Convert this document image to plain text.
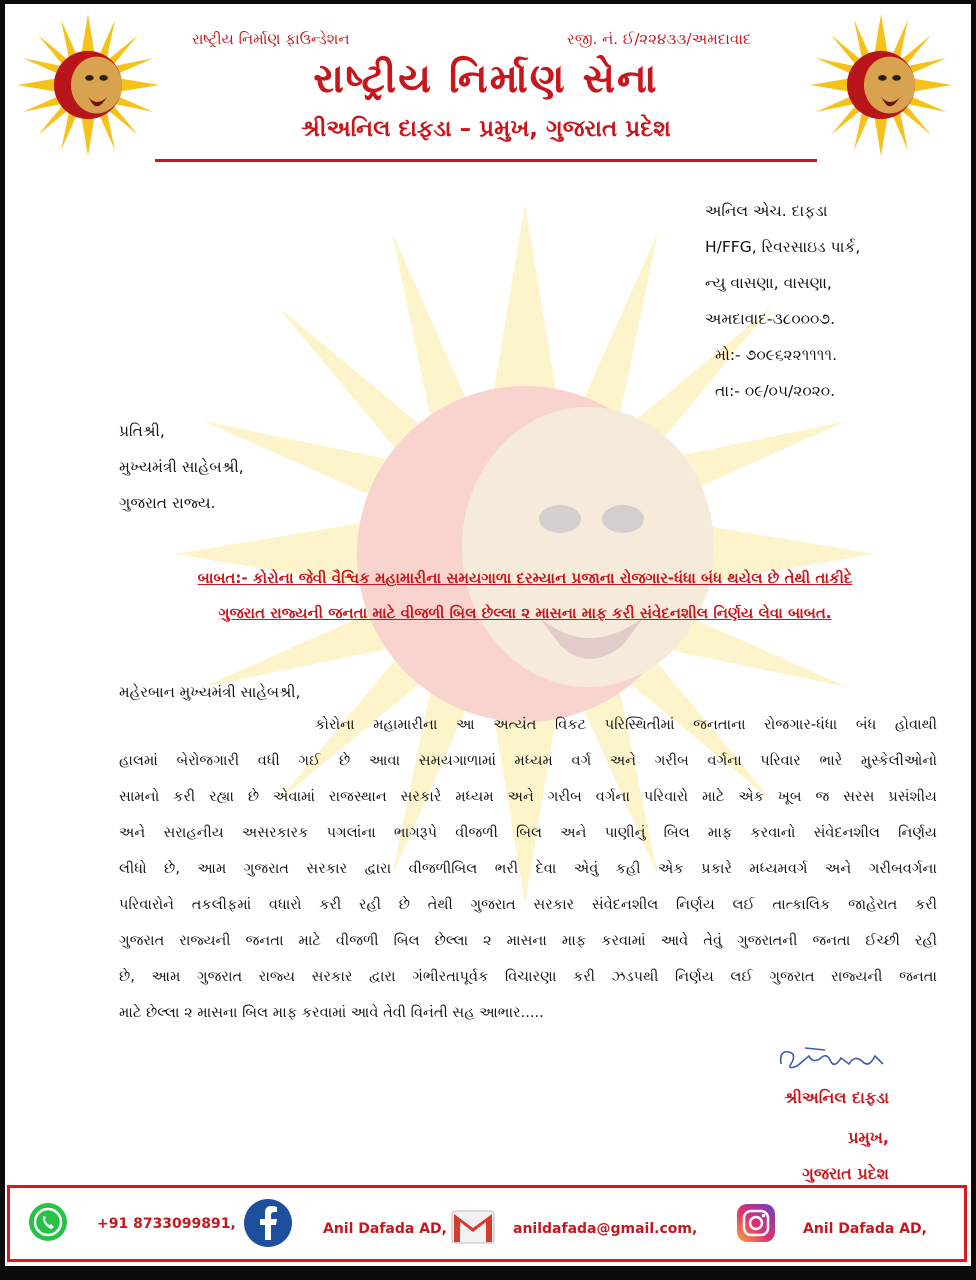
રાષ્ટ્રીય નિર્માણ ફાઉન્ડેશન	રજી. નં. ઈ/૨૨૪૩૩/અમદાવાદ
રાષ્ટ્રીય નિર્માણ સેના
શ્રીઅનિલ દાફડા – પ્રમુખ, ગુજરાત પ્રદેશ
અનિલ એચ. દાફડા
H/FFG, રિવરસાઇડ પાર્ક,
ન્યુ વાસણા, વાસણા,
અમદાવાદ-૩૮૦૦૦૭.
મો:- ૭૦૯૬૨૨૧૧૧૧.
તા:- ૦૯/૦૫/૨૦૨૦.
પ્રતિશ્રી,
મુખ્યમંત્રી સાહેબશ્રી,
ગુજરાત રાજ્ય.
બાબત:- કોરોના જેવી વૈશ્વિક મહામારીના સમયગાળા દરમ્યાન પ્રજાના રોજગાર-ધંધા બંધ થયેલ છે તેથી તાકીદે
ગુજરાત રાજ્યની જનતા માટે વીજળી બિલ છેલ્લા ૨ માસના માફ કરી સંવેદનશીલ નિર્ણય લેવા બાબત.
મહેરબાન મુખ્યમંત્રી સાહેબશ્રી,
કોરોના મહામારીના આ અત્યંત વિકટ પરિસ્થિતીમાં જનતાના રોજગાર-ધંધા બંધ હોવાથી
હાલમાં બેરોજગારી વધી ગઈ છે આવા સમયગાળામાં મધ્યમ વર્ગ અને ગરીબ વર્ગના પરિવાર ભારે મુસ્કેલીઓનો
સામનો કરી રહ્યા છે એવામાં રાજસ્થાન સરકારે મધ્યમ અને ગરીબ વર્ગના પરિવારો માટે એક ખૂબ જ સરસ પ્રસંશીય
અને સરાહનીય અસરકારક પગલાંના ભાગરૂપે વીજળી બિલ અને પાણીનું બિલ માફ કરવાનો સંવેદનશીલ નિર્ણય
લીધો છે, આમ ગુજરાત સરકાર દ્વારા વીજળીબિલ ભરી દેવા એવું કહી એક પ્રકારે મધ્યમવર્ગ અને ગરીબવર્ગના
પરિવારોને તકલીફમાં વધારો કરી રહી છે તેથી ગુજરાત સરકાર સંવેદનશીલ નિર્ણય લઈ તાત્કાલિક જાહેરાત કરી
ગુજરાત રાજ્યની જનતા માટે વીજળી બિલ છેલ્લા ૨ માસના માફ કરવામાં આવે તેવું ગુજરાતની જનતા ઈચ્છી રહી
છે, આમ ગુજરાત રાજ્ય સરકાર દ્વારા ગંભીરતાપૂર્વક વિચારણા કરી ઝડપથી નિર્ણય લઈ ગુજરાત રાજ્યની જનતા
માટે છેલ્લા ૨ માસના બિલ માફ કરવામાં આવે તેવી વિનંતી સહ આભાર.....
શ્રીઅનિલ દાફડા
પ્રમુખ,
ગુજરાત પ્રદેશ
+91 8733099891,	Anil Dafada AD,	anildafada@gmail.com,	Anil Dafada AD,
